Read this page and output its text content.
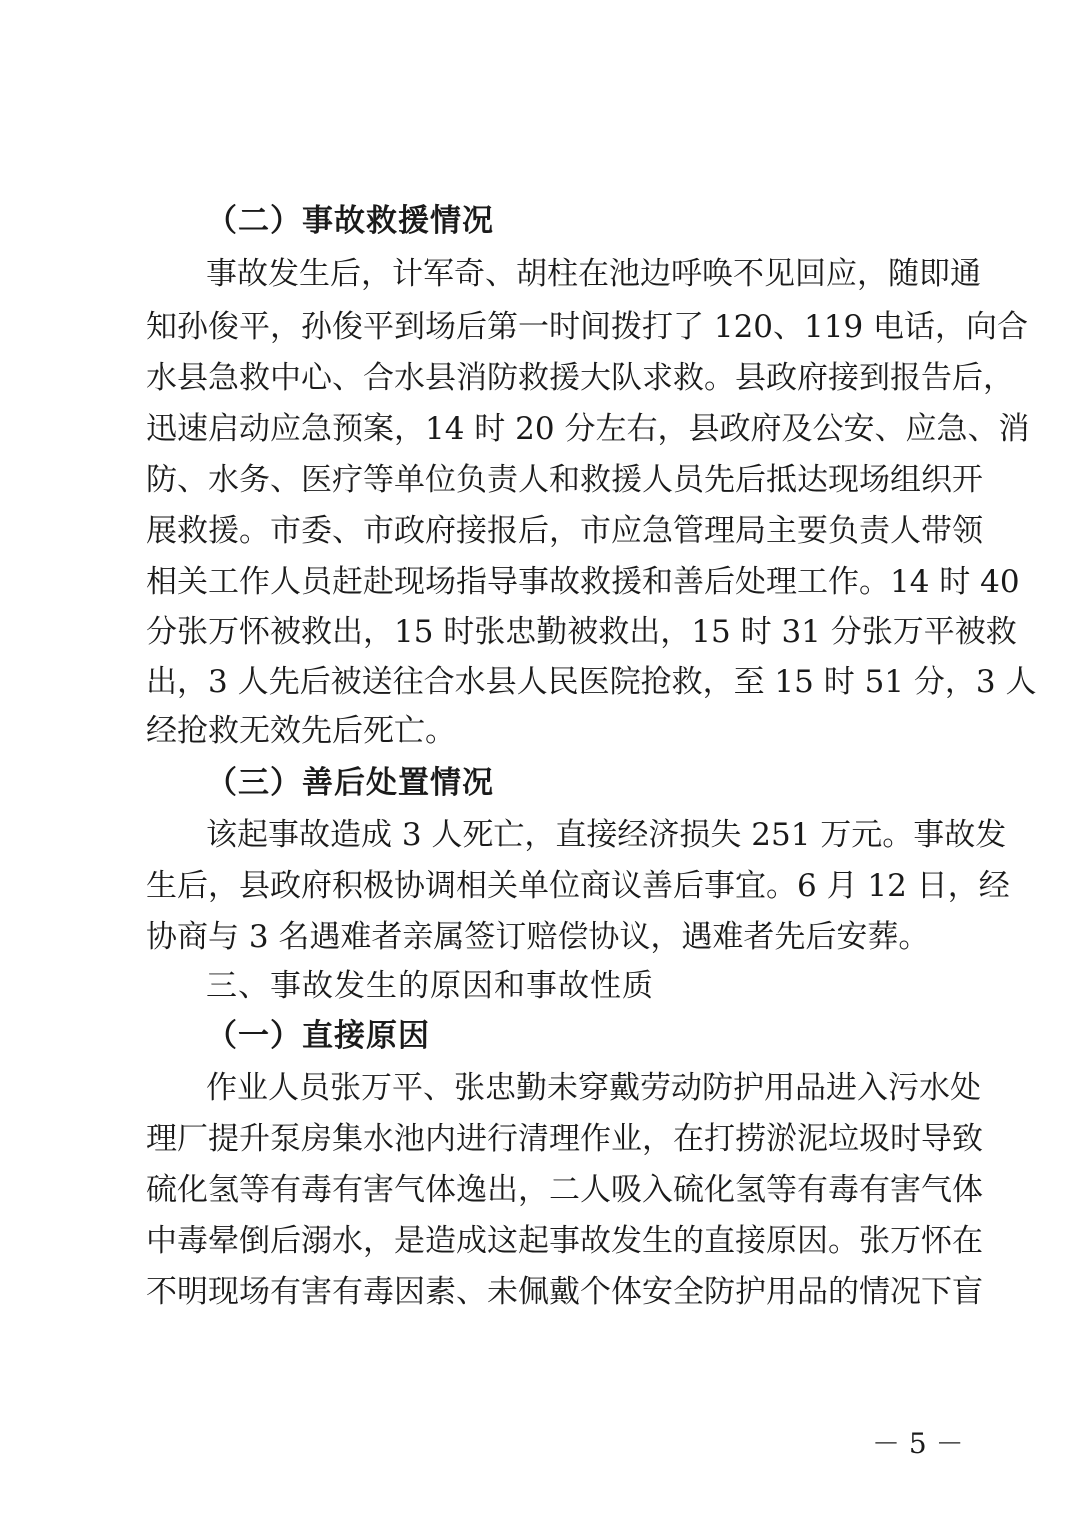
（二）事故救援情况
事故发生后，计军奇、胡柱在池边呼唤不见回应，随即通
知孙俊平，孙俊平到场后第一时间拨打了 120、119 电话，向合
水县急救中心、合水县消防救援大队求救。县政府接到报告后，
迅速启动应急预案，14 时 20 分左右，县政府及公安、应急、消
防、水务、医疗等单位负责人和救援人员先后抵达现场组织开
展救援。市委、市政府接报后，市应急管理局主要负责人带领
相关工作人员赶赴现场指导事故救援和善后处理工作。14 时 40
分张万怀被救出，15 时张忠勤被救出，15 时 31 分张万平被救
出，3 人先后被送往合水县人民医院抢救，至 15 时 51 分，3 人
经抢救无效先后死亡。
（三）善后处置情况
该起事故造成 3 人死亡，直接经济损失 251 万元。事故发
生后，县政府积极协调相关单位商议善后事宜。6 月 12 日，经
协商与 3 名遇难者亲属签订赔偿协议，遇难者先后安葬。
三、事故发生的原因和事故性质
（一）直接原因
作业人员张万平、张忠勤未穿戴劳动防护用品进入污水处
理厂提升泵房集水池内进行清理作业，在打捞淤泥垃圾时导致
硫化氢等有毒有害气体逸出，二人吸入硫化氢等有毒有害气体
中毒晕倒后溺水，是造成这起事故发生的直接原因。张万怀在
不明现场有害有毒因素、未佩戴个体安全防护用品的情况下盲
－ 5 －
